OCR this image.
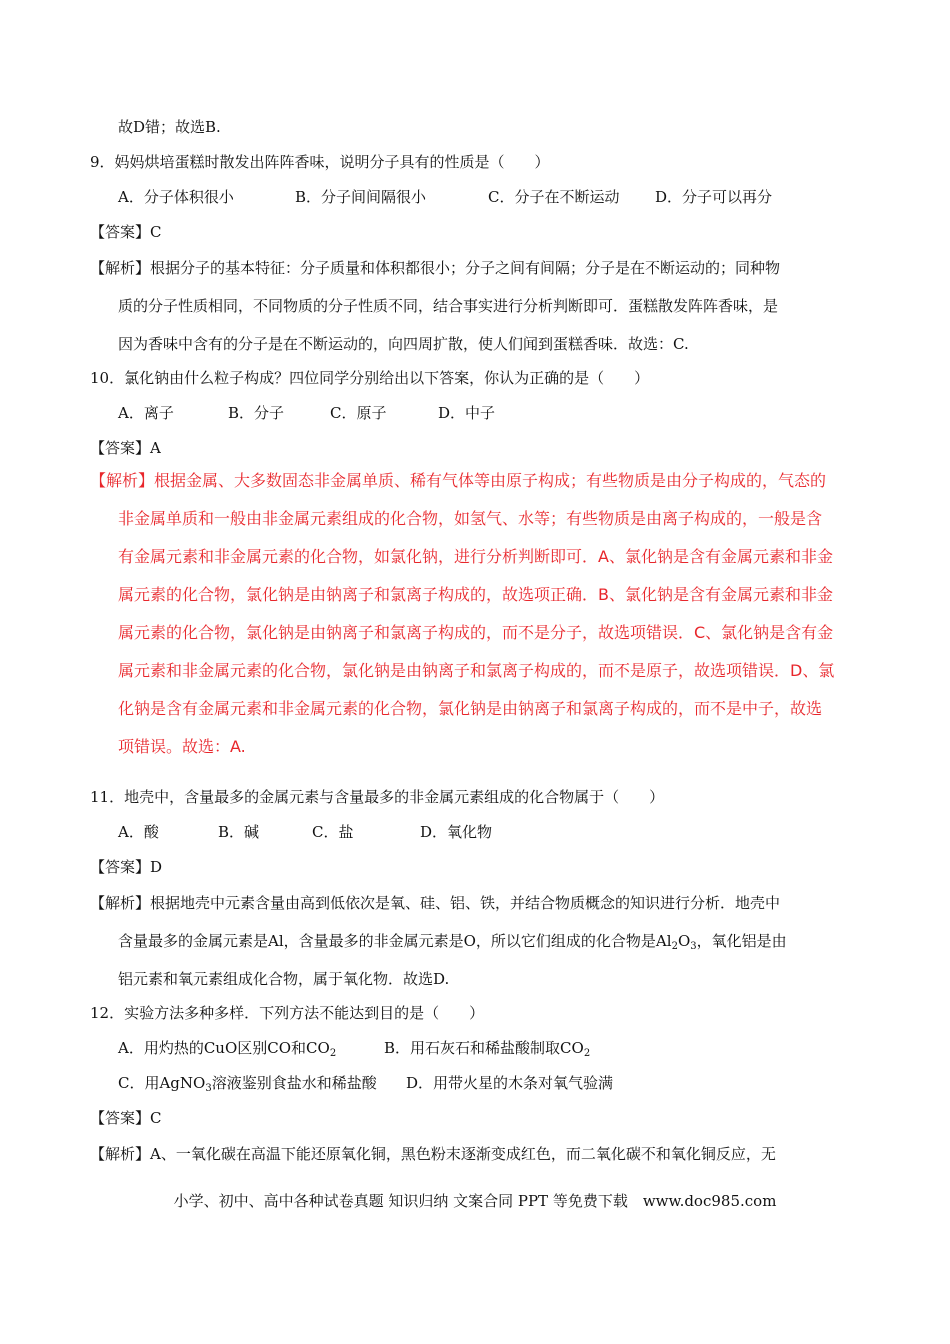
故D错；故选B.
9．妈妈烘培蛋糕时散发出阵阵香味，说明分子具有的性质是（　　）
A．分子体积很小	B．分子间间隔很小	C．分子在不断运动 D．分子可以再分
【答案】C
【解析】根据分子的基本特征：分子质量和体积都很小；分子之间有间隔；分子是在不断运动的；同种物
质的分子性质相同，不同物质的分子性质不同，结合事实进行分析判断即可．蛋糕散发阵阵香味，是
因为香味中含有的分子是在不断运动的，向四周扩散，使人们闻到蛋糕香味．故选：C.
10．氯化钠由什么粒子构成？四位同学分别给出以下答案，你认为正确的是（　　）
A．离子	B．分子	C．原子	D．中子
【答案】A
【解析】根据金属、大多数固态非金属单质、稀有气体等由原子构成；有些物质是由分子构成的，气态的
非金属单质和一般由非金属元素组成的化合物，如氢气、水等；有些物质是由离子构成的，一般是含
有金属元素和非金属元素的化合物，如氯化钠，进行分析判断即可．A、氯化钠是含有金属元素和非金
属元素的化合物，氯化钠是由钠离子和氯离子构成的，故选项正确．B、氯化钠是含有金属元素和非金
属元素的化合物，氯化钠是由钠离子和氯离子构成的，而不是分子，故选项错误．C、氯化钠是含有金
属元素和非金属元素的化合物，氯化钠是由钠离子和氯离子构成的，而不是原子，故选项错误．D、氯
化钠是含有金属元素和非金属元素的化合物，氯化钠是由钠离子和氯离子构成的，而不是中子，故选
项错误。故选：A.
11．地壳中，含量最多的金属元素与含量最多的非金属元素组成的化合物属于（　　）
A．酸	B．碱	C．盐	D．氧化物
【答案】D
【解析】根据地壳中元素含量由高到低依次是氧、硅、铝、铁，并结合物质概念的知识进行分析．地壳中
含量最多的金属元素是Al，含量最多的非金属元素是O，所以它们组成的化合物是$Al_2O_3$，氧化铝是由
铝元素和氧元素组成化合物，属于氧化物．故选D.
12．实验方法多种多样．下列方法不能达到目的是（　　）
A．用灼热的CuO区别CO和$CO_2$	B．用石灰石和稀盐酸制取$CO_2$
C．用AgNO$_3$溶液鉴别食盐水和稀盐酸 D．用带火星的木条对氧气验满
【答案】C
【解析】A、一氧化碳在高温下能还原氧化铜，黑色粉末逐渐变成红色，而二氧化碳不和氧化铜反应，无
小学、初中、高中各种试卷真题 知识归纳 文案合同 PPT 等免费下载　www.doc985.com
